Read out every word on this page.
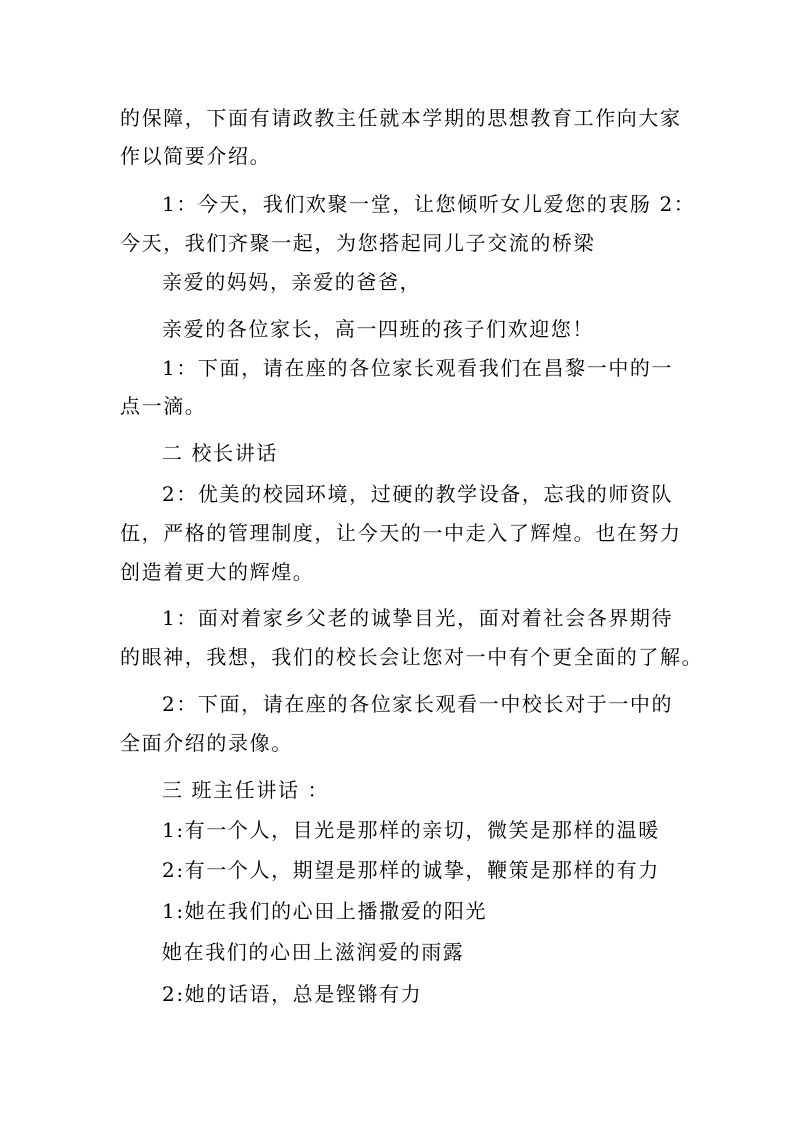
的保障，下面有请政教主任就本学期的思想教育工作向大家
作以简要介绍。
1：今天，我们欢聚一堂，让您倾听女儿爱您的衷肠 2：
今天，我们齐聚一起，为您搭起同儿子交流的桥梁
亲爱的妈妈，亲爱的爸爸，
亲爱的各位家长，高一四班的孩子们欢迎您！
1：下面，请在座的各位家长观看我们在昌黎一中的一
点一滴。
二 校长讲话
2：优美的校园环境，过硬的教学设备，忘我的师资队
伍，严格的管理制度，让今天的一中走入了辉煌。也在努力
创造着更大的辉煌。
1：面对着家乡父老的诚挚目光，面对着社会各界期待
的眼神，我想，我们的校长会让您对一中有个更全面的了解。
2：下面，请在座的各位家长观看一中校长对于一中的
全面介绍的录像。
三 班主任讲话 ：
1:有一个人，目光是那样的亲切，微笑是那样的温暖
2:有一个人，期望是那样的诚挚，鞭策是那样的有力
1:她在我们的心田上播撒爱的阳光
她在我们的心田上滋润爱的雨露
2:她的话语，总是铿锵有力
